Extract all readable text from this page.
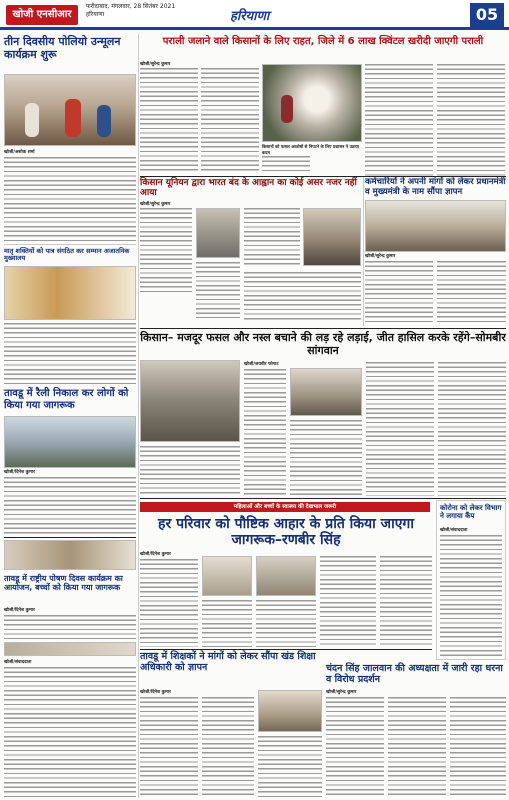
खोजी एनसीआर
फरीदाबाद, मंगलवार, 28 सितंबर 2021
हरियाणा	हरियाणा	05
तीन दिवसीय पोलियो उन्मूलन कार्यक्रम शुरू
खोजी/अशोक शर्मा
मातृ शक्तियों को पात्र संगठित कर सम्मान अजातनिक मुख्यालय
तावडू में रैली निकाल कर लोगों को किया गया जागरूक
खोजी/दिनेश कुमार
पराली जलाने वाले किसानों के लिए राहत, जिले में 6 लाख क्विंटल खरीदी जाएगी पराली
खोजी/सुरेन्द्र कुमार
किसानों को फसल अवशेषों से निपटने के लिए प्रशासन ने उठाया कदम
किसान यूनियन द्वारा भारत बंद के आह्वान का कोई असर नजर नहीं आया
खोजी/सुरेन्द्र कुमार
कर्मचारियों ने अपनी मांगों को लेकर प्रधानमंत्री व मुख्यमंत्री के नाम सौंपा ज्ञापन
खोजी/सुरेन्द्र कुमार
किसान– मजदूर फसल और नस्ल बचाने की लड़ रहे लड़ाई, जीत हासिल करके रहेंगे–सोमबीर सांगवान
खोजी/जयवीर फोगाट
महिलाओं और बच्चों के स्वास्थ्य की देखभाल जरूरी
हर परिवार को पौष्टिक आहार के प्रति किया जाएगा जागरूक–रणबीर सिंह
कोरोना को लेकर विभाग ने लगाया कैंप
खोजी/संवाददाता
तावडू में राष्ट्रीय पोषण दिवस कार्यक्रम का आयोजन, बच्चों को किया गया जागरूक
खोजी/दिनेश कुमार
खोजी/संवाददाता
खोजी/दिनेश कुमार
तावडू में शिक्षकों ने मांगों को लेकर सौंपा खंड शिक्षा अधिकारी को ज्ञापन
खोजी/दिनेश कुमार
चंदन सिंह जालवान की अध्यक्षता में जारी रहा धरना व विरोध प्रदर्शन
खोजी/सुरेन्द्र कुमार
